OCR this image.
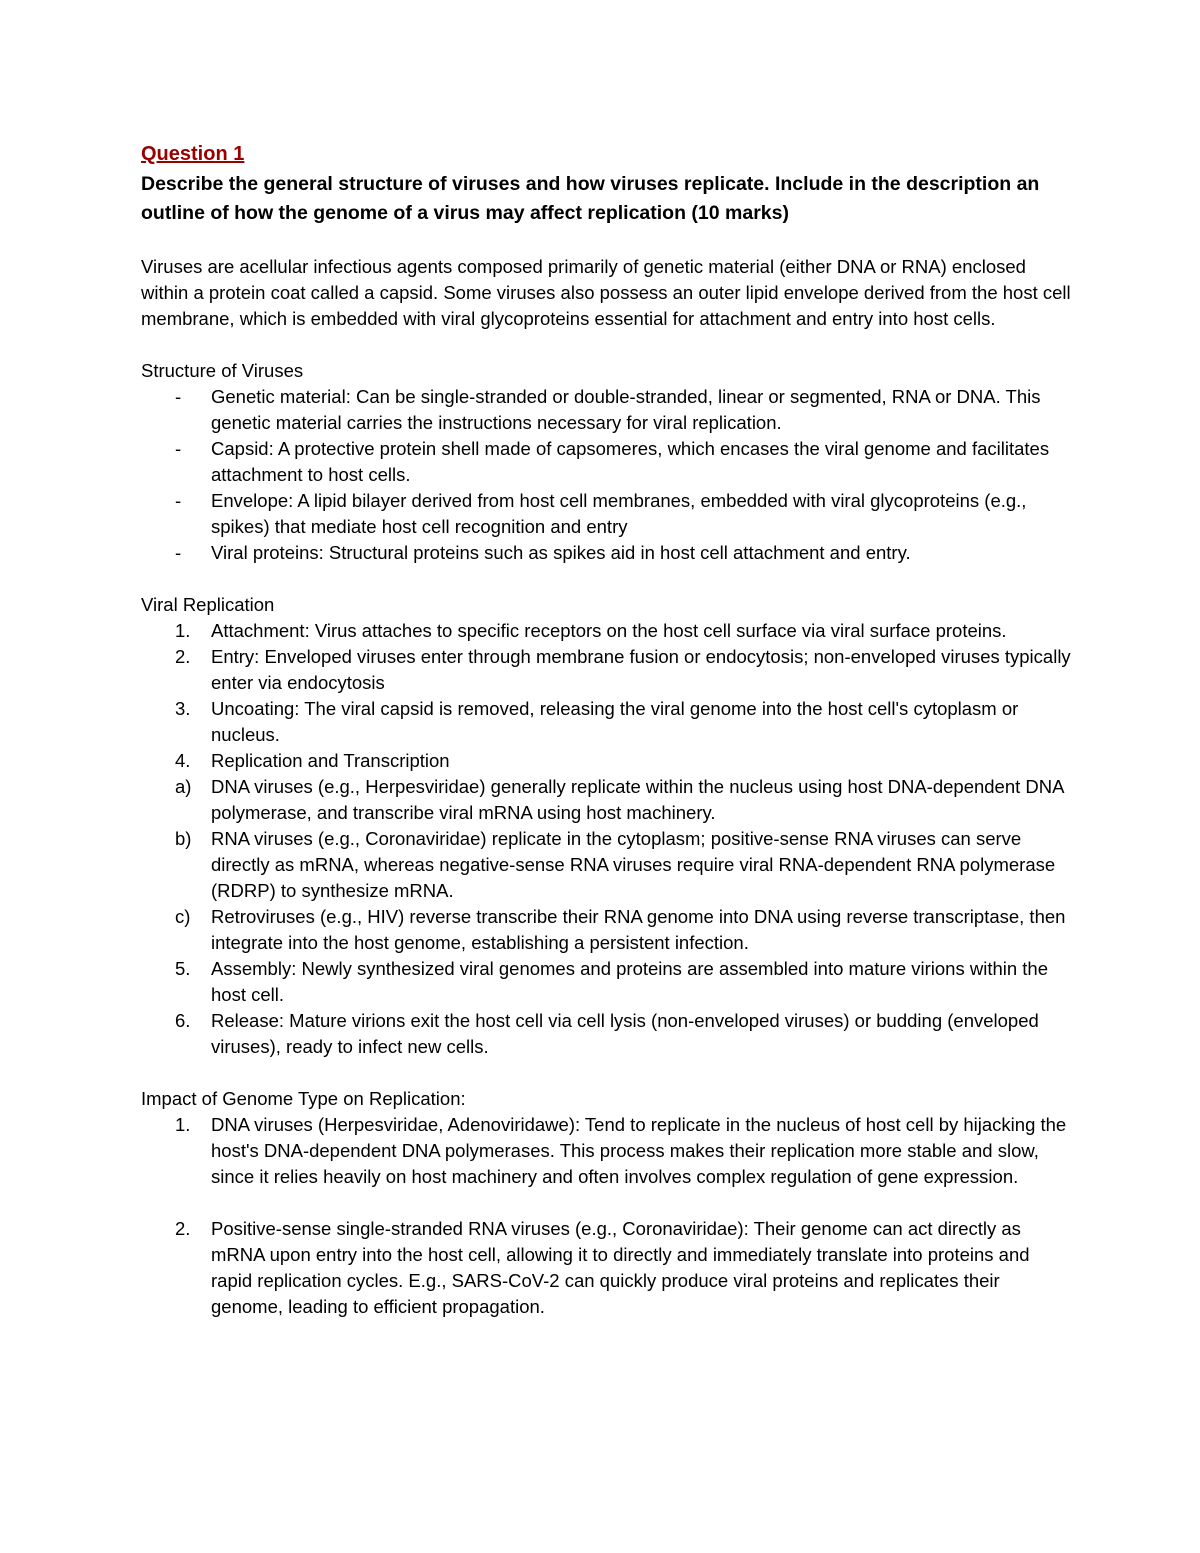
Question 1

Describe the general structure of viruses and how viruses replicate. Include in the description an outline of how the genome of a virus may affect replication (10 marks)

Viruses are acellular infectious agents composed primarily of genetic material (either DNA or RNA) enclosed within a protein coat called a capsid. Some viruses also possess an outer lipid envelope derived from the host cell membrane, which is embedded with viral glycoproteins essential for attachment and entry into host cells.

Structure of Viruses

-	Genetic material: Can be single-stranded or double-stranded, linear or segmented, RNA or DNA. This genetic material carries the instructions necessary for viral replication.
-	Capsid: A protective protein shell made of capsomeres, which encases the viral genome and facilitates attachment to host cells.
-	Envelope: A lipid bilayer derived from host cell membranes, embedded with viral glycoproteins (e.g., spikes) that mediate host cell recognition and entry
-	Viral proteins: Structural proteins such as spikes aid in host cell attachment and entry.

Viral Replication

1.	Attachment: Virus attaches to specific receptors on the host cell surface via viral surface proteins.
2.	Entry: Enveloped viruses enter through membrane fusion or endocytosis; non-enveloped viruses typically enter via endocytosis
3.	Uncoating: The viral capsid is removed, releasing the viral genome into the host cell's cytoplasm or nucleus.
4.	Replication and Transcription
a)	DNA viruses (e.g., Herpesviridae) generally replicate within the nucleus using host DNA-dependent DNA polymerase, and transcribe viral mRNA using host machinery.
b)	RNA viruses (e.g., Coronaviridae) replicate in the cytoplasm; positive-sense RNA viruses can serve directly as mRNA, whereas negative-sense RNA viruses require viral RNA-dependent RNA polymerase (RDRP) to synthesize mRNA.
c)	Retroviruses (e.g., HIV) reverse transcribe their RNA genome into DNA using reverse transcriptase, then integrate into the host genome, establishing a persistent infection.
5.	Assembly: Newly synthesized viral genomes and proteins are assembled into mature virions within the host cell.
6.	Release: Mature virions exit the host cell via cell lysis (non-enveloped viruses) or budding (enveloped viruses), ready to infect new cells.

Impact of Genome Type on Replication:

1.	DNA viruses (Herpesviridae, Adenoviridawe): Tend to replicate in the nucleus of host cell by hijacking the host's DNA-dependent DNA polymerases. This process makes their replication more stable and slow, since it relies heavily on host machinery and often involves complex regulation of gene expression.
2.	Positive-sense single-stranded RNA viruses (e.g., Coronaviridae): Their genome can act directly as mRNA upon entry into the host cell, allowing it to directly and immediately translate into proteins and rapid replication cycles. E.g., SARS-CoV-2 can quickly produce viral proteins and replicates their genome, leading to efficient propagation.
